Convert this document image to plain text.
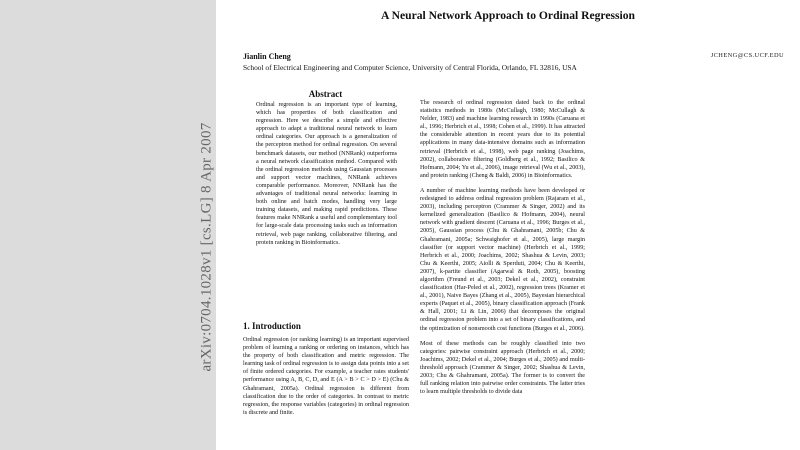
arXiv:0704.1028v1 [cs.LG] 8 Apr 2007
A Neural Network Approach to Ordinal Regression
Jianlin Cheng	JCHENG@CS.UCF.EDU
School of Electrical Engineering and Computer Science, University of Central Florida, Orlando, FL 32816, USA
Abstract
Ordinal regression is an important type of learning, which has properties of both classification and regression. Here we describe a simple and effective approach to adapt a traditional neural network to learn ordinal categories. Our approach is a generalization of the perceptron method for ordinal regression. On several benchmark datasets, our method (NNRank) outperforms a neural network classification method. Compared with the ordinal regression methods using Gaussian processes and support vector machines, NNRank achieves comparable performance. Moreover, NNRank has the advantages of traditional neural networks: learning in both online and batch modes, handling very large training datasets, and making rapid predictions. These features make NNRank a useful and complementary tool for large-scale data processing tasks such as information retrieval, web page ranking, collaborative filtering, and protein ranking in Bioinformatics.
1. Introduction
Ordinal regression (or ranking learning) is an important supervised problem of learning a ranking or ordering on instances, which has the property of both classification and metric regression. The learning task of ordinal regression is to assign data points into a set of finite ordered categories. For example, a teacher rates students' performance using A, B, C, D, and E (A > B > C > D > E) (Chu & Ghahramani, 2005a). Ordinal regression is different from classification due to the order of categories. In contrast to metric regression, the response variables (categories) in ordinal regression is discrete and finite.

The research of ordinal regression dated back to the ordinal statistics methods in 1980s (McCullagh, 1980; McCullagh & Nelder, 1983) and machine learning research in 1990s (Caruana et al., 1996; Herbrich et al., 1998; Cohen et al., 1999). It has attracted the considerable attention in recent years due to its potential applications in many data-intensive domains such as information retrieval (Herbrich et al., 1998), web page ranking (Joachims, 2002), collaborative filtering (Goldberg et al., 1992; Basilico & Hofmann, 2004; Yu et al., 2006), image retrieval (Wu et al., 2003), and protein ranking (Cheng & Baldi, 2006) in Bioinformatics.

A number of machine learning methods have been developed or redesigned to address ordinal regression problem (Rajaram et al., 2003), including perceptron (Crammer & Singer, 2002) and its kernelized generalization (Basilico & Hofmann, 2004), neural network with gradient descent (Caruana et al., 1996; Burges et al., 2005), Gaussian process (Chu & Ghahramani, 2005b; Chu & Ghahramani, 2005a; Schwaighofer et al., 2005), large margin classifier (or support vector machine) (Herbrich et al., 1999; Herbrich et al., 2000; Joachims, 2002; Shashua & Levin, 2003; Chu & Keerthi, 2005; Aiolli & Sperduti, 2004; Chu & Keerthi, 2007), k-partite classifier (Agarwal & Roth, 2005), boosting algorithm (Freund et al., 2003; Dekel et al., 2002), constraint classification (Har-Peled et al., 2002), regression trees (Kramer et al., 2001), Naive Bayes (Zhang et al., 2005), Bayesian hierarchical experts (Paquet et al., 2005), binary classification approach (Frank & Hall, 2001; Li & Lin, 2006) that decomposes the original ordinal regression problem into a set of binary classifications, and the optimization of nonsmooth cost functions (Burges et al., 2006).

Most of these methods can be roughly classified into two categories: pairwise constraint approach (Herbrich et al., 2000; Joachims, 2002; Dekel et al., 2004; Burges et al., 2005) and multi-threshold approach (Crammer & Singer, 2002; Shashua & Levin, 2003; Chu & Ghahramani, 2005a). The former is to convert the full ranking relation into pairwise order constraints. The latter tries to learn multiple thresholds to divide data
